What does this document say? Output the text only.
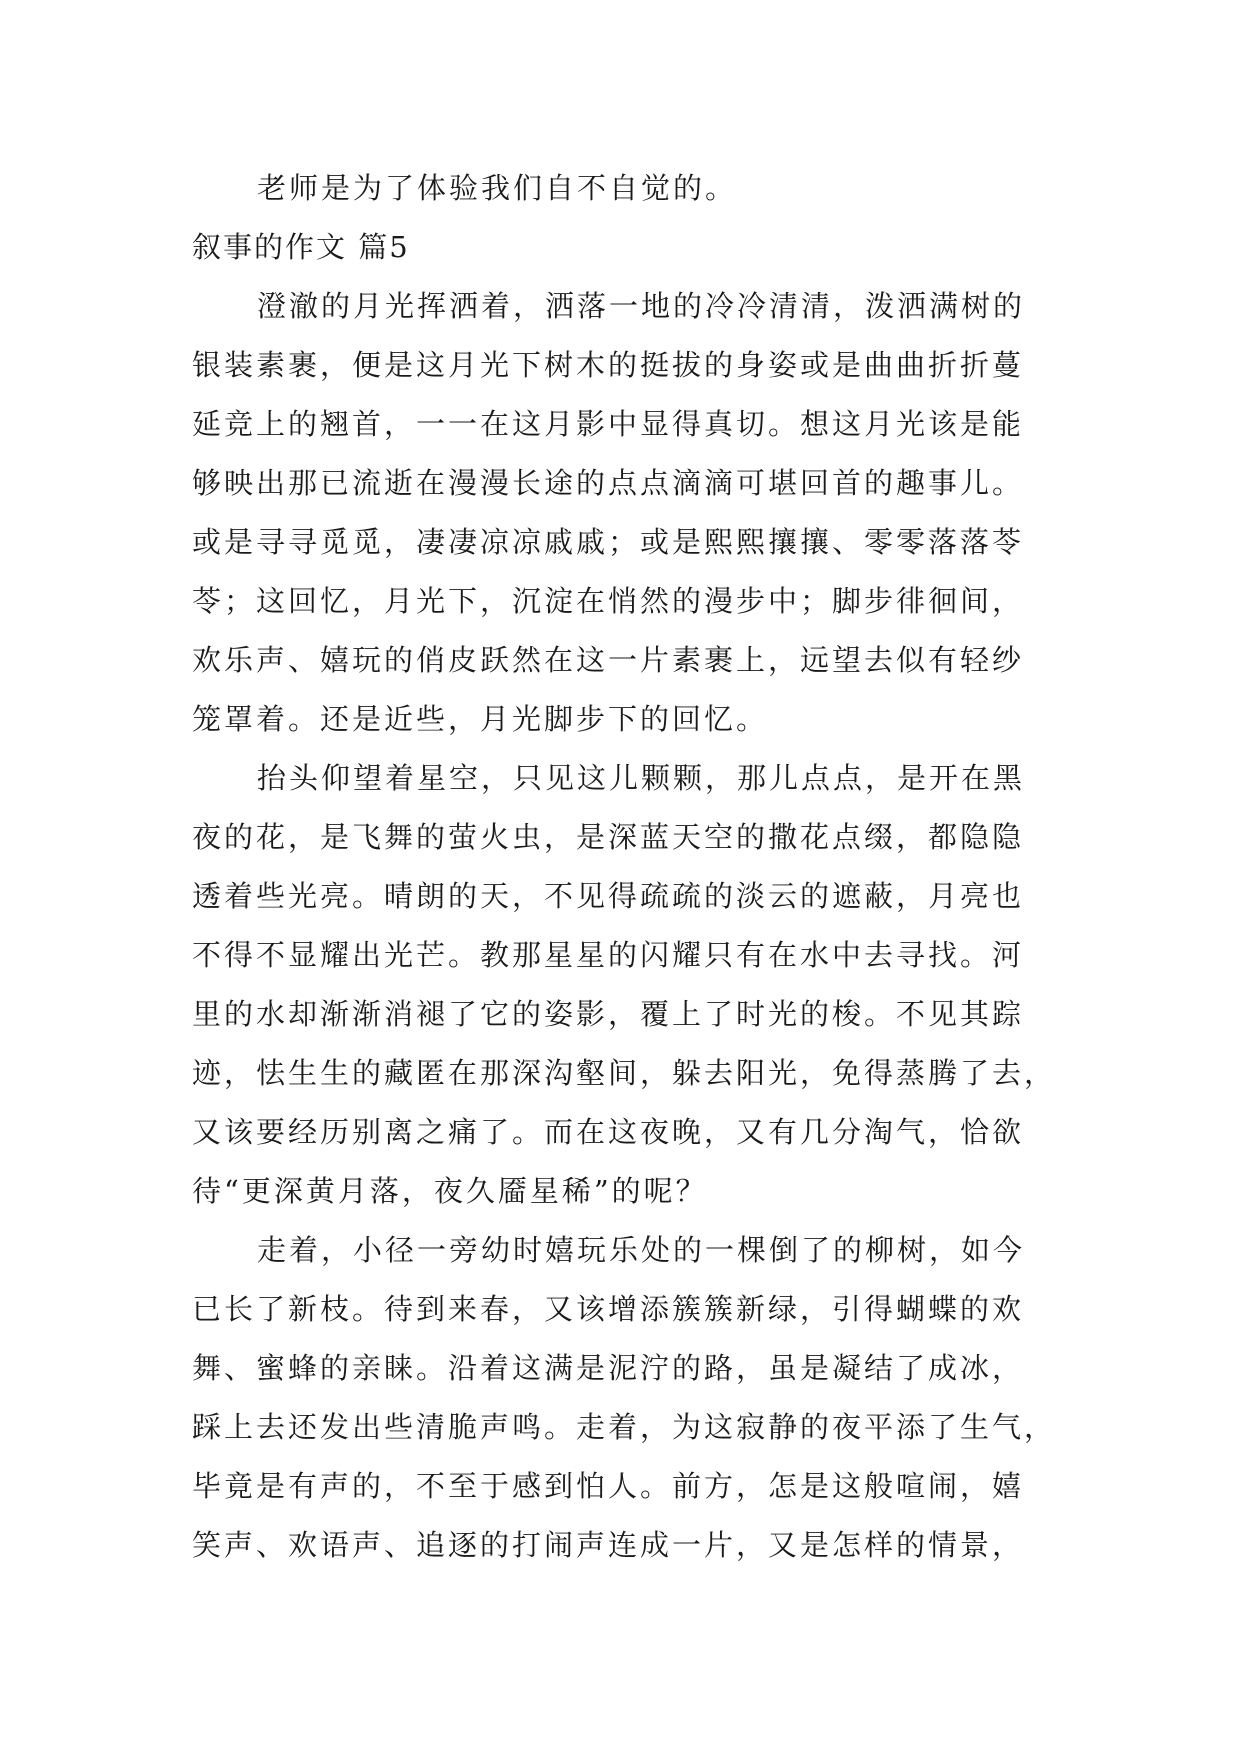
老师是为了体验我们自不自觉的。
叙事的作文 篇5
澄澈的月光挥洒着，洒落一地的冷冷清清，泼洒满树的
银装素裹，便是这月光下树木的挺拔的身姿或是曲曲折折蔓
延竞上的翘首，一一在这月影中显得真切。想这月光该是能
够映出那已流逝在漫漫长途的点点滴滴可堪回首的趣事儿。
或是寻寻觅觅，凄凄凉凉戚戚；或是熙熙攘攘、零零落落苓
苓；这回忆，月光下，沉淀在悄然的漫步中；脚步徘徊间，
欢乐声、嬉玩的俏皮跃然在这一片素裹上，远望去似有轻纱
笼罩着。还是近些，月光脚步下的回忆。
抬头仰望着星空，只见这儿颗颗，那儿点点，是开在黑
夜的花，是飞舞的萤火虫，是深蓝天空的撒花点缀，都隐隐
透着些光亮。晴朗的天，不见得疏疏的淡云的遮蔽，月亮也
不得不显耀出光芒。教那星星的闪耀只有在水中去寻找。河
里的水却渐渐消褪了它的姿影，覆上了时光的梭。不见其踪
迹，怯生生的藏匿在那深沟壑间，躲去阳光，免得蒸腾了去，
又该要经历别离之痛了。而在这夜晚，又有几分淘气，恰欲
待“更深黄月落，夜久靥星稀”的呢？
走着，小径一旁幼时嬉玩乐处的一棵倒了的柳树，如今
已长了新枝。待到来春，又该增添簇簇新绿，引得蝴蝶的欢
舞、蜜蜂的亲睐。沿着这满是泥泞的路，虽是凝结了成冰，
踩上去还发出些清脆声鸣。走着，为这寂静的夜平添了生气，
毕竟是有声的，不至于感到怕人。前方，怎是这般喧闹，嬉
笑声、欢语声、追逐的打闹声连成一片，又是怎样的情景，
